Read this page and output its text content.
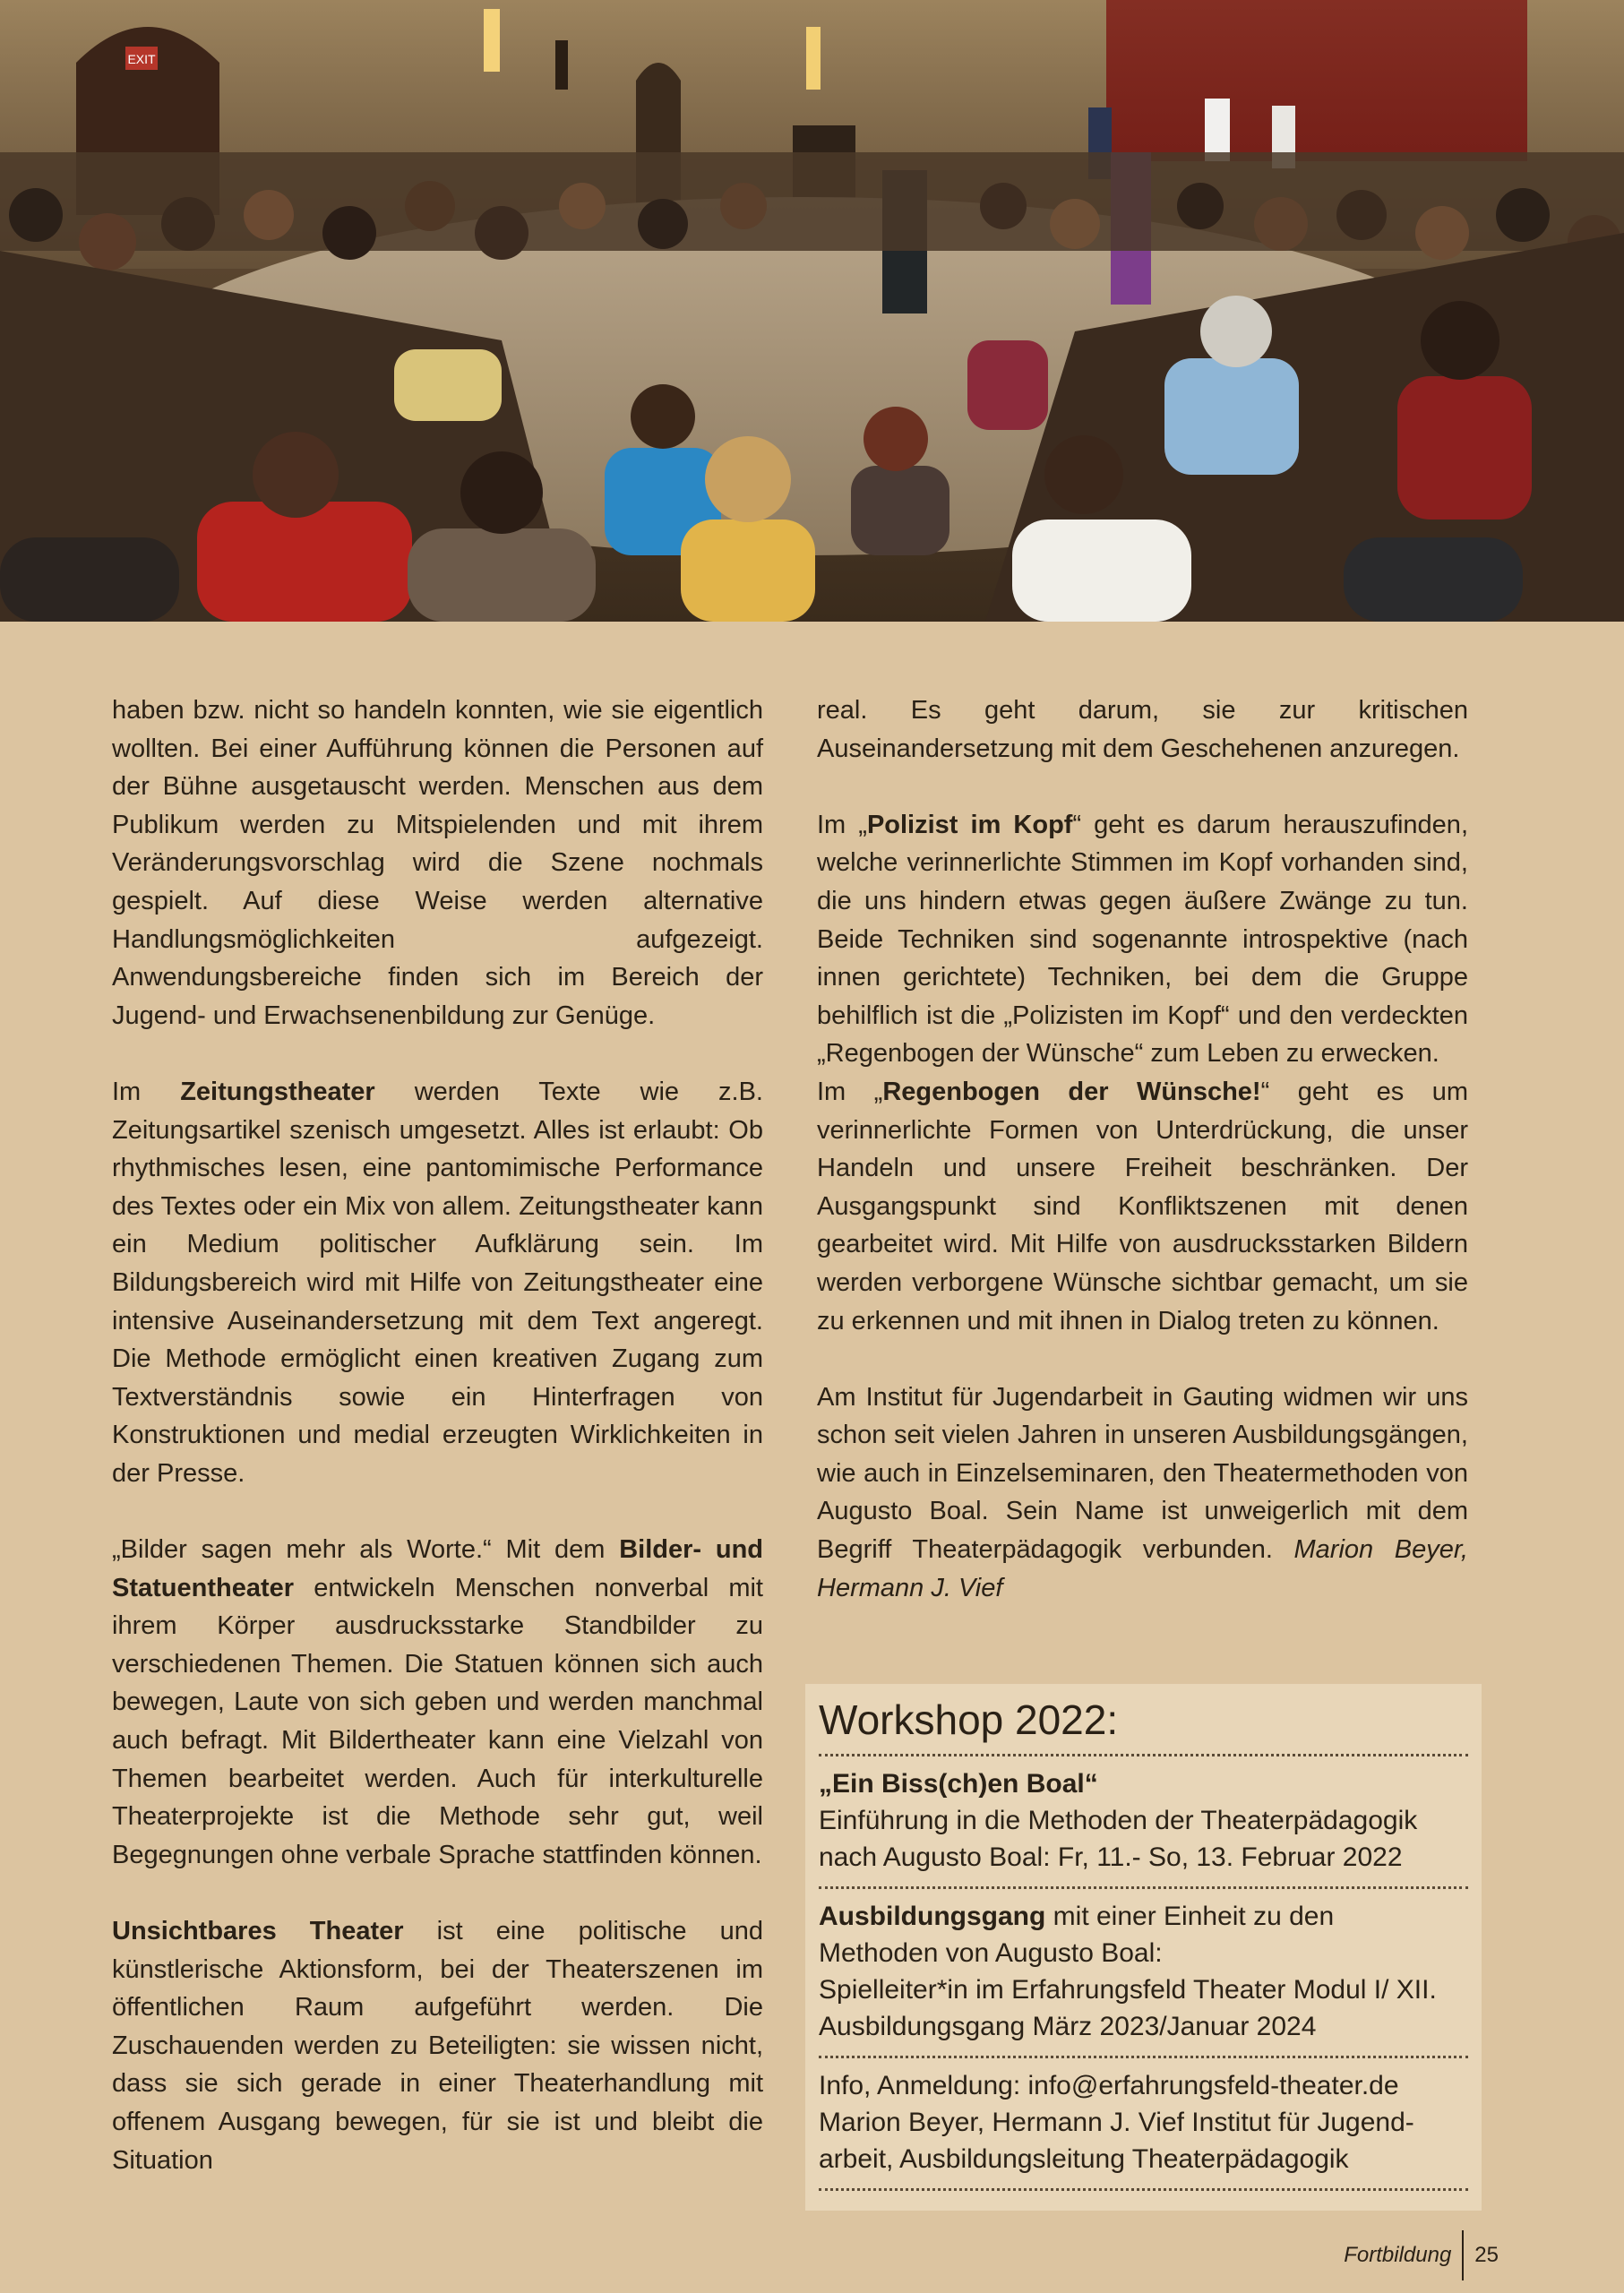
EXIT

haben bzw. nicht so handeln konnten, wie sie eigentlich wollten. Bei einer Aufführung können die Personen auf der Bühne ausgetauscht werden. Menschen aus dem Publikum werden zu Mitspielenden und mit ihrem Veränderungsvorschlag wird die Szene nochmals gespielt. Auf diese Weise werden alternative Handlungsmöglichkeiten aufgezeigt. Anwendungsbereiche finden sich im Bereich der Jugend- und Erwachsenenbildung zur Genüge.

Im Zeitungstheater werden Texte wie z.B. Zeitungsartikel szenisch umgesetzt. Alles ist erlaubt: Ob rhythmisches lesen, eine pantomimische Performance des Textes oder ein Mix von allem. Zeitungstheater kann ein Medium politischer Aufklärung sein. Im Bildungsbereich wird mit Hilfe von Zeitungstheater eine intensive Auseinandersetzung mit dem Text angeregt. Die Methode ermöglicht einen kreativen Zugang zum Textverständnis sowie ein Hinterfragen von Konstruktionen und medial erzeugten Wirklichkeiten in der Presse.

„Bilder sagen mehr als Worte.“ Mit dem Bilder- und Statuentheater entwickeln Menschen nonverbal mit ihrem Körper ausdrucksstarke Standbilder zu verschiedenen Themen. Die Statuen können sich auch bewegen, Laute von sich geben und werden manchmal auch befragt. Mit Bildertheater kann eine Vielzahl von Themen bearbeitet werden. Auch für interkulturelle Theaterprojekte ist die Methode sehr gut, weil Begegnungen ohne verbale Sprache stattfinden können.

Unsichtbares Theater ist eine politische und künstlerische Aktionsform, bei der Theaterszenen im öffentlichen Raum aufgeführt werden. Die Zuschauenden werden zu Beteiligten: sie wissen nicht, dass sie sich gerade in einer Theaterhandlung mit offenem Ausgang bewegen, für sie ist und bleibt die Situation

real. Es geht darum, sie zur kritischen Auseinandersetzung mit dem Geschehenen anzuregen.

Im „Polizist im Kopf“ geht es darum herauszufinden, welche verinnerlichte Stimmen im Kopf vorhanden sind, die uns hindern etwas gegen äußere Zwänge zu tun. Beide Techniken sind sogenannte introspektive (nach innen gerichtete) Techniken, bei dem die Gruppe behilflich ist die „Polizisten im Kopf“ und den verdeckten „Regenbogen der Wünsche“ zum Leben zu erwecken.

Im „Regenbogen der Wünsche!“ geht es um verinnerlichte Formen von Unterdrückung, die unser Handeln und unsere Freiheit beschränken. Der Ausgangspunkt sind Konfliktszenen mit denen gearbeitet wird. Mit Hilfe von ausdrucksstarken Bildern werden verborgene Wünsche sichtbar gemacht, um sie zu erkennen und mit ihnen in Dialog treten zu können.

Am Institut für Jugendarbeit in Gauting widmen wir uns schon seit vielen Jahren in unseren Ausbildungsgängen, wie auch in Einzelseminaren, den Theatermethoden von Augusto Boal. Sein Name ist unweigerlich mit dem Begriff Theaterpädagogik verbunden. Marion Beyer, Hermann J. Vief

Workshop 2022:
„Ein Biss(ch)en Boal“
Einführung in die Methoden der Theaterpädagogik
nach Augusto Boal: Fr, 11.- So, 13. Februar 2022
Ausbildungsgang mit einer Einheit zu den
Methoden von Augusto Boal:
Spielleiter*in im Erfahrungsfeld Theater Modul I/ XII.
Ausbildungsgang März 2023/Januar 2024
Info, Anmeldung: info@erfahrungsfeld-theater.de
Marion Beyer, Hermann J. Vief Institut für Jugend-
arbeit, Ausbildungsleitung Theaterpädagogik
Fortbildung	25
